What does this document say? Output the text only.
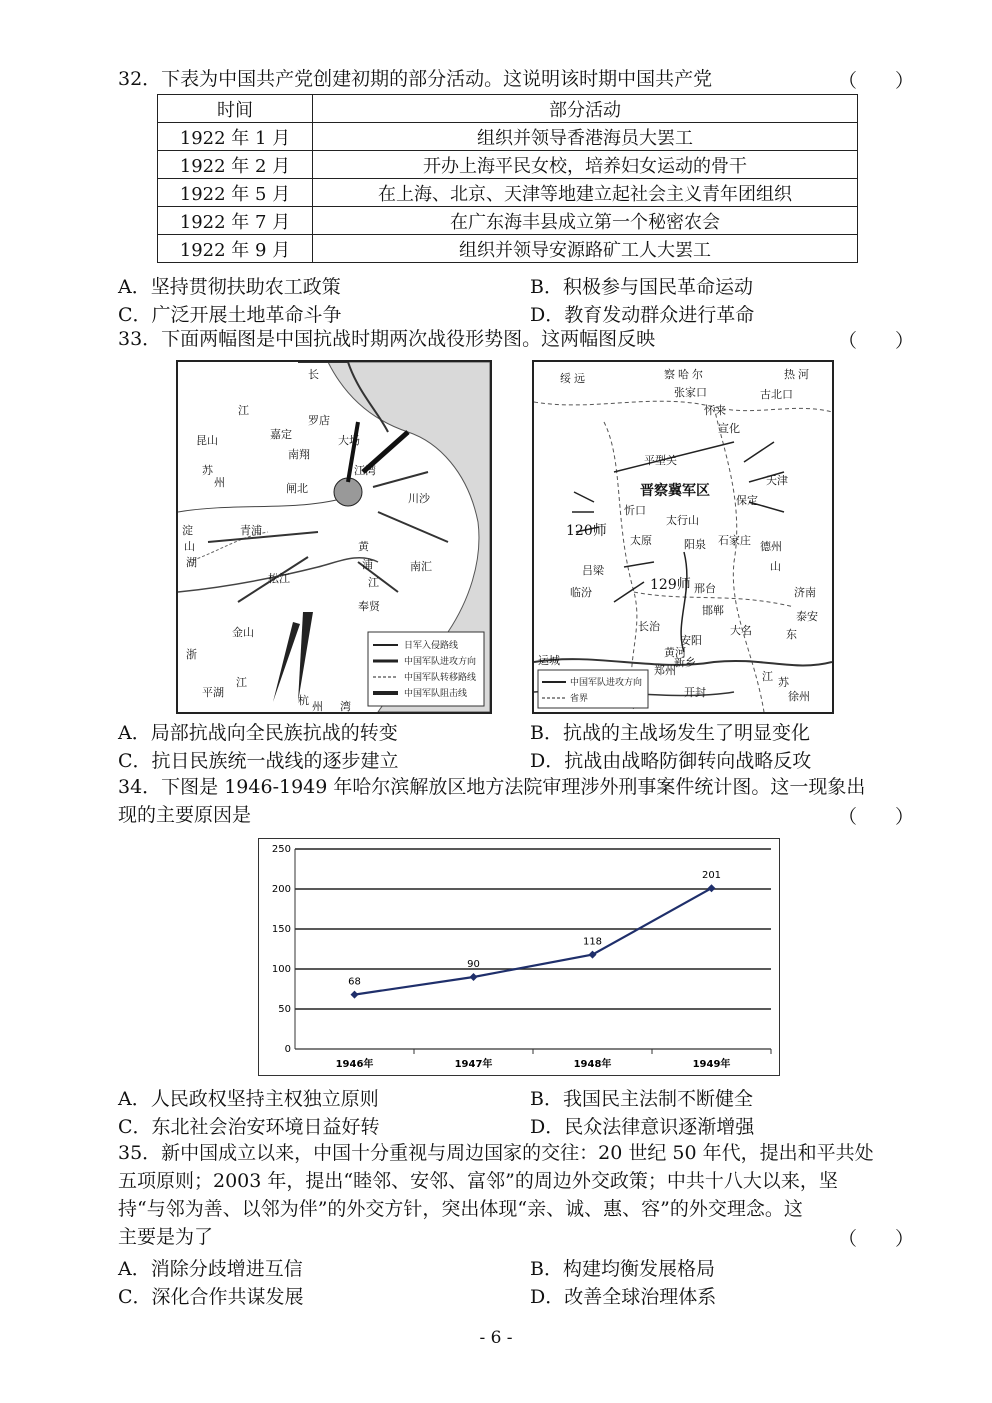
32．下表为中国共产党创建初期的部分活动。这说明该时期中国共产党	（　　）
时间	部分活动
1922 年 1 月	组织并领导香港海员大罢工
1922 年 2 月	开办上海平民女校，培养妇女运动的骨干
1922 年 5 月	在上海、北京、天津等地建立起社会主义青年团组织
1922 年 7 月	在广东海丰县成立第一个秘密农会
1922 年 9 月	组织并领导安源路矿工人大罢工
A．坚持贯彻扶助农工政策	B．积极参与国民革命运动
C．广泛开展土地革命斗争	D．教育发动群众进行革命
33．下面两幅图是中国抗战时期两次战役形势图。这两幅图反映	（　　）
长
江
嘉定
罗店
昆山
苏
州
南翔
江湾
大场
闸北
青浦
松江
川沙
南汇
奉贤
金山
平湖
浙
江
杭 州 湾
黄
浦
江
淀
山
湖
日军入侵路线
中国军队进攻方向
中国军队转移路线
中国军队阻击线
绥 远	察 哈 尔	热 河
张家口
怀来
宣化
古北口
平型关
保定
天津
晋察冀军区
120师
129师
太原
忻口
阳泉 石家庄
长治
邢台
太行山
临汾
吕梁
济南
泰安
黄河
开封	徐州
郑州
山
东
江 苏
运城	新乡
安阳
邯郸
大名
德州
中国军队进攻方向
省界
A．局部抗战向全民族抗战的转变	B．抗战的主战场发生了明显变化
C．抗日民族统一战线的逐步建立	D．抗战由战略防御转向战略反攻
34．下图是 1946-1949 年哈尔滨解放区地方法院审理涉外刑事案件统计图。这一现象出
现的主要原因是	（　　）
0
50
100
150
200
250
1946年	1947年	1948年	1949年
68
90
118
201
A．人民政权坚持主权独立原则	B．我国民主法制不断健全
C．东北社会治安环境日益好转	D．民众法律意识逐渐增强
35．新中国成立以来，中国十分重视与周边国家的交往：20 世纪 50 年代，提出和平共处
五项原则；2003 年，提出“睦邻、安邻、富邻”的周边外交政策；中共十八大以来，坚
持“与邻为善、以邻为伴”的外交方针，突出体现“亲、诚、惠、容”的外交理念。这
主要是为了	（　　）
A．消除分歧增进互信	B．构建均衡发展格局
C．深化合作共谋发展	D．改善全球治理体系
- 6 -
